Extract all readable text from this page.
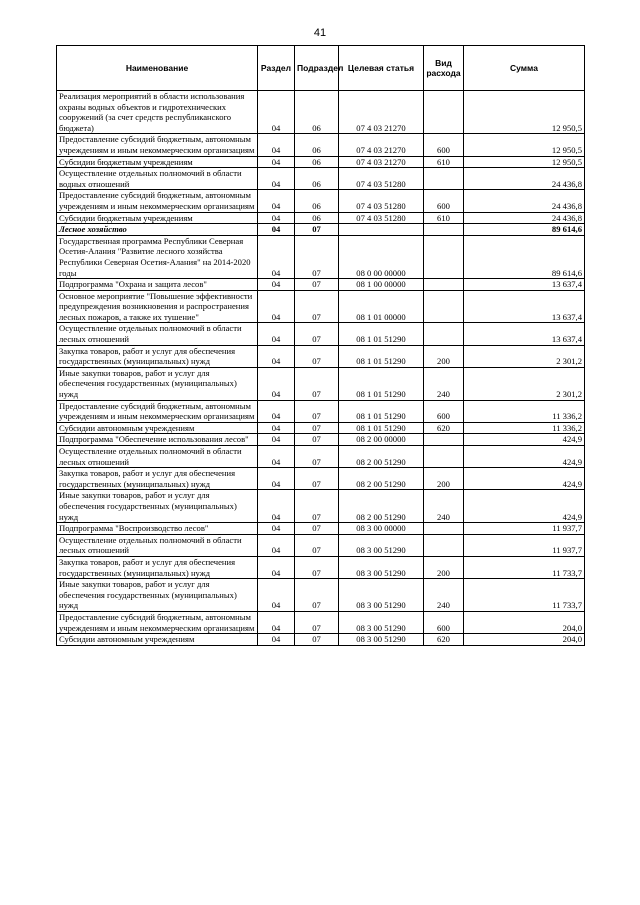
41
Наименование	Раздел	Подраздел	Целевая статья	Вид расхода	Сумма
Реализация мероприятий в области использования охраны водных объектов и гидротехнических сооружений (за счет средств республиканского бюджета)	04	06	07 4 03 21270		12 950,5
Предоставление субсидий бюджетным, автономным учреждениям и иным некоммерческим организациям	04	06	07 4 03 21270	600	12 950,5
Субсидии бюджетным учреждениям	04	06	07 4 03 21270	610	12 950,5
Осуществление отдельных полномочий в области водных отношений	04	06	07 4 03 51280		24 436,8
Предоставление субсидий бюджетным, автономным учреждениям и иным некоммерческим организациям	04	06	07 4 03 51280	600	24 436,8
Субсидии бюджетным учреждениям	04	06	07 4 03 51280	610	24 436,8
Лесное хозяйство	04	07			89 614,6
Государственная программа Республики Северная Осетия-Алания "Развитие лесного хозяйства Республики Северная Осетия-Алания" на 2014-2020 годы	04	07	08 0 00 00000		89 614,6
Подпрограмма "Охрана и защита лесов"	04	07	08 1 00 00000		13 637,4
Основное мероприятие "Повышение эффективности предупреждения возникновения и распространения лесных пожаров, а также их тушение"	04	07	08 1 01 00000		13 637,4
Осуществление отдельных полномочий в области лесных отношений	04	07	08 1 01 51290		13 637,4
Закупка товаров, работ и услуг для обеспечения государственных (муниципальных) нужд	04	07	08 1 01 51290	200	2 301,2
Иные закупки товаров, работ и услуг для обеспечения государственных (муниципальных) нужд	04	07	08 1 01 51290	240	2 301,2
Предоставление субсидий бюджетным, автономным учреждениям и иным некоммерческим организациям	04	07	08 1 01 51290	600	11 336,2
Субсидии автономным учреждениям	04	07	08 1 01 51290	620	11 336,2
Подпрограмма "Обеспечение использования лесов"	04	07	08 2 00 00000		424,9
Осуществление отдельных полномочий в области лесных отношений	04	07	08 2 00 51290		424,9
Закупка товаров, работ и услуг для обеспечения государственных (муниципальных) нужд	04	07	08 2 00 51290	200	424,9
Иные закупки товаров, работ и услуг для обеспечения государственных (муниципальных) нужд	04	07	08 2 00 51290	240	424,9
Подпрограмма "Воспроизводство лесов"	04	07	08 3 00 00000		11 937,7
Осуществление отдельных полномочий в области лесных отношений	04	07	08 3 00 51290		11 937,7
Закупка товаров, работ и услуг для обеспечения государственных (муниципальных) нужд	04	07	08 3 00 51290	200	11 733,7
Иные закупки товаров, работ и услуг для обеспечения государственных (муниципальных) нужд	04	07	08 3 00 51290	240	11 733,7
Предоставление субсидий бюджетным, автономным учреждениям и иным некоммерческим организациям	04	07	08 3 00 51290	600	204,0
Субсидии автономным учреждениям	04	07	08 3 00 51290	620	204,0
